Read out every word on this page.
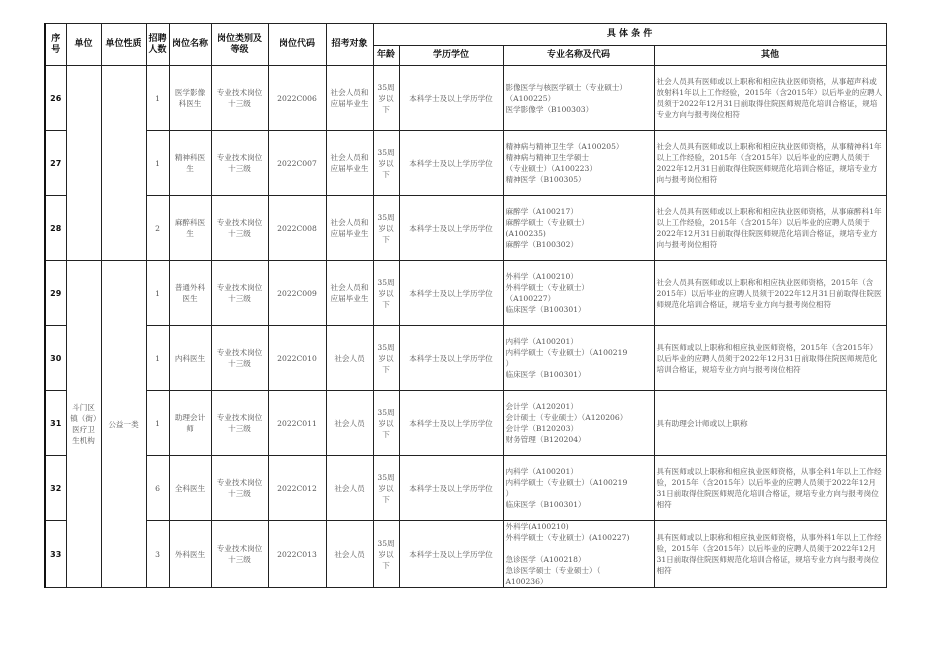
序号	单位	单位性质	招聘人数	岗位名称	岗位类别及等级	岗位代码	招考对象	具 体 条 件			
								年龄	学历学位	专业名称及代码	其他
26			1	医学影像科医生	专业技术岗位十三级	2022C006	社会人员和应届毕业生	35周岁以下	本科学士及以上学历学位	影像医学与核医学硕士（专业硕士）
（A100225）
医学影像学（B100303）	社会人员具有医师或以上职称和相应执业医师资格，从事超声科或放射科1年以上工作经验，2015年（含2015年）以后毕业的应聘人员须于2022年12月31日前取得住院医师规范化培训合格证，规培专业方向与报考岗位相符
27			1	精神科医生	专业技术岗位十三级	2022C007	社会人员和应届毕业生	35周岁以下	本科学士及以上学历学位	精神病与精神卫生学（A100205）
精神病与精神卫生学硕士
（专业硕士）（A100223）
精神医学（B100305）	社会人员具有医师或以上职称和相应执业医师资格，从事精神科1年以上工作经验，2015年（含2015年）以后毕业的应聘人员须于2022年12月31日前取得住院医师规范化培训合格证，规培专业方向与报考岗位相符
28			2	麻醉科医生	专业技术岗位十三级	2022C008	社会人员和应届毕业生	35周岁以下	本科学士及以上学历学位	麻醉学（A100217）
麻醉学硕士（专业硕士）
(A100235)
麻醉学（B100302）	社会人员具有医师或以上职称和相应执业医师资格，从事麻醉科1年以上工作经验，2015年（含2015年）以后毕业的应聘人员须于2022年12月31日前取得住院医师规范化培训合格证，规培专业方向与报考岗位相符
29	斗门区镇（街）医疗卫生机构	公益一类	1	普通外科医生	专业技术岗位十三级	2022C009	社会人员和应届毕业生	35周岁以下	本科学士及以上学历学位	外科学（A100210）
外科学硕士（专业硕士）
（A100227）
临床医学（B100301）	社会人员具有医师或以上职称和相应执业医师资格，2015年（含2015年）以后毕业的应聘人员须于2022年12月31日前取得住院医师规范化培训合格证，规培专业方向与报考岗位相符
30			1	内科医生	专业技术岗位十三级	2022C010	社会人员	35周岁以下	本科学士及以上学历学位	内科学（A100201）
内科学硕士（专业硕士）（A100219
）
临床医学（B100301）	具有医师或以上职称和相应执业医师资格，2015年（含2015年）以后毕业的应聘人员须于2022年12月31日前取得住院医师规范化培训合格证，规培专业方向与报考岗位相符
31			1	助理会计师	专业技术岗位十三级	2022C011	社会人员	35周岁以下	本科学士及以上学历学位	会计学（A120201）
会计硕士（专业硕士）（A120206）
会计学（B120203）
财务管理（B120204）	具有助理会计师或以上职称
32			6	全科医生	专业技术岗位十三级	2022C012	社会人员	35周岁以下	本科学士及以上学历学位	内科学（A100201）
内科学硕士（专业硕士）（A100219
）
临床医学（B100301）	具有医师或以上职称和相应执业医师资格，从事全科1年以上工作经验，2015年（含2015年）以后毕业的应聘人员须于2022年12月31日前取得住院医师规范化培训合格证，规培专业方向与报考岗位相符
33			3	外科医生	专业技术岗位十三级	2022C013	社会人员	35周岁以下	本科学士及以上学历学位	外科学(A100210)
外科学硕士（专业硕士）(A100227)

急诊医学（A100218）
急诊医学硕士（专业硕士）（
A100236）	具有医师或以上职称和相应执业医师资格，从事外科1年以上工作经验，2015年（含2015年）以后毕业的应聘人员须于2022年12月31日前取得住院医师规范化培训合格证，规培专业方向与报考岗位相符
